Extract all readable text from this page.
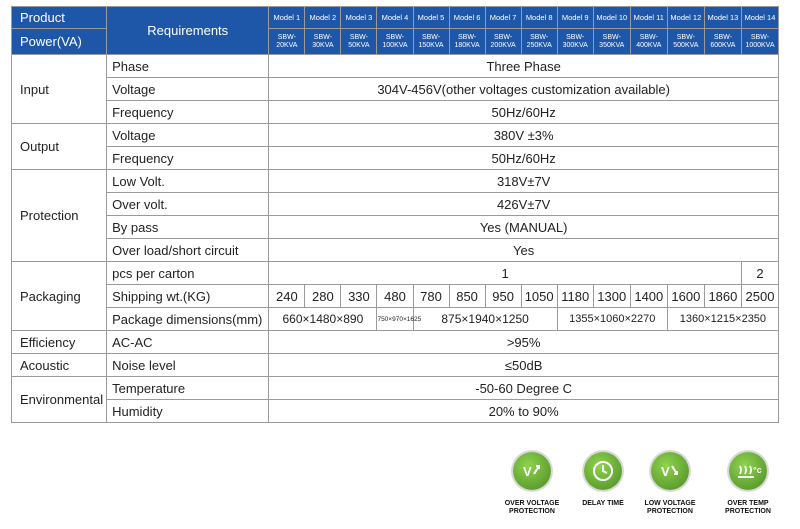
Product	Requirements	Model 1	Model 2	Model 3	Model 4	Model 5	Model 6	Model 7	Model 8	Model 9	Model 10	Model 11	Model 12	Model 13	Model 14
Power(VA)		SBW-20KVA	SBW-30KVA	SBW-50KVA	SBW-100KVA	SBW-150KVA	SBW-180KVA	SBW-200KVA	SBW-250KVA	SBW-300KVA	SBW-350KVA	SBW-400KVA	SBW-500KVA	SBW-600KVA	SBW-1000KVA
Input	Phase	Three Phase													
	Voltage	304V-456V(other voltages customization available)													
	Frequency	50Hz/60Hz													
Output	Voltage	380V ±3%													
	Frequency	50Hz/60Hz													
Protection	Low Volt.	318V±7V													
	Over volt.	426V±7V													
	By pass	Yes (MANUAL)													
	Over load/short circuit	Yes													
Packaging	pcs per carton	1													2
	Shipping wt.(KG)	240	280	330	480	780	850	950	1050	1180	1300	1400	1600	1860	2500
	Package dimensions(mm)	660×1480×890			750×970×1625	875×1940×1250				1355×1060×2270			1360×1215×2350		
Efficiency	AC-AC	>95%													
Acoustic	Noise level	≤50dB													
Environmental	Temperature	-50-60 Degree C													
	Humidity	20% to 90%													
V
OVER VOLTAGE
PROTECTION
DELAY TIME
V
LOW VOLTAGE
PROTECTION
°c
OVER TEMP
PROTECTION
